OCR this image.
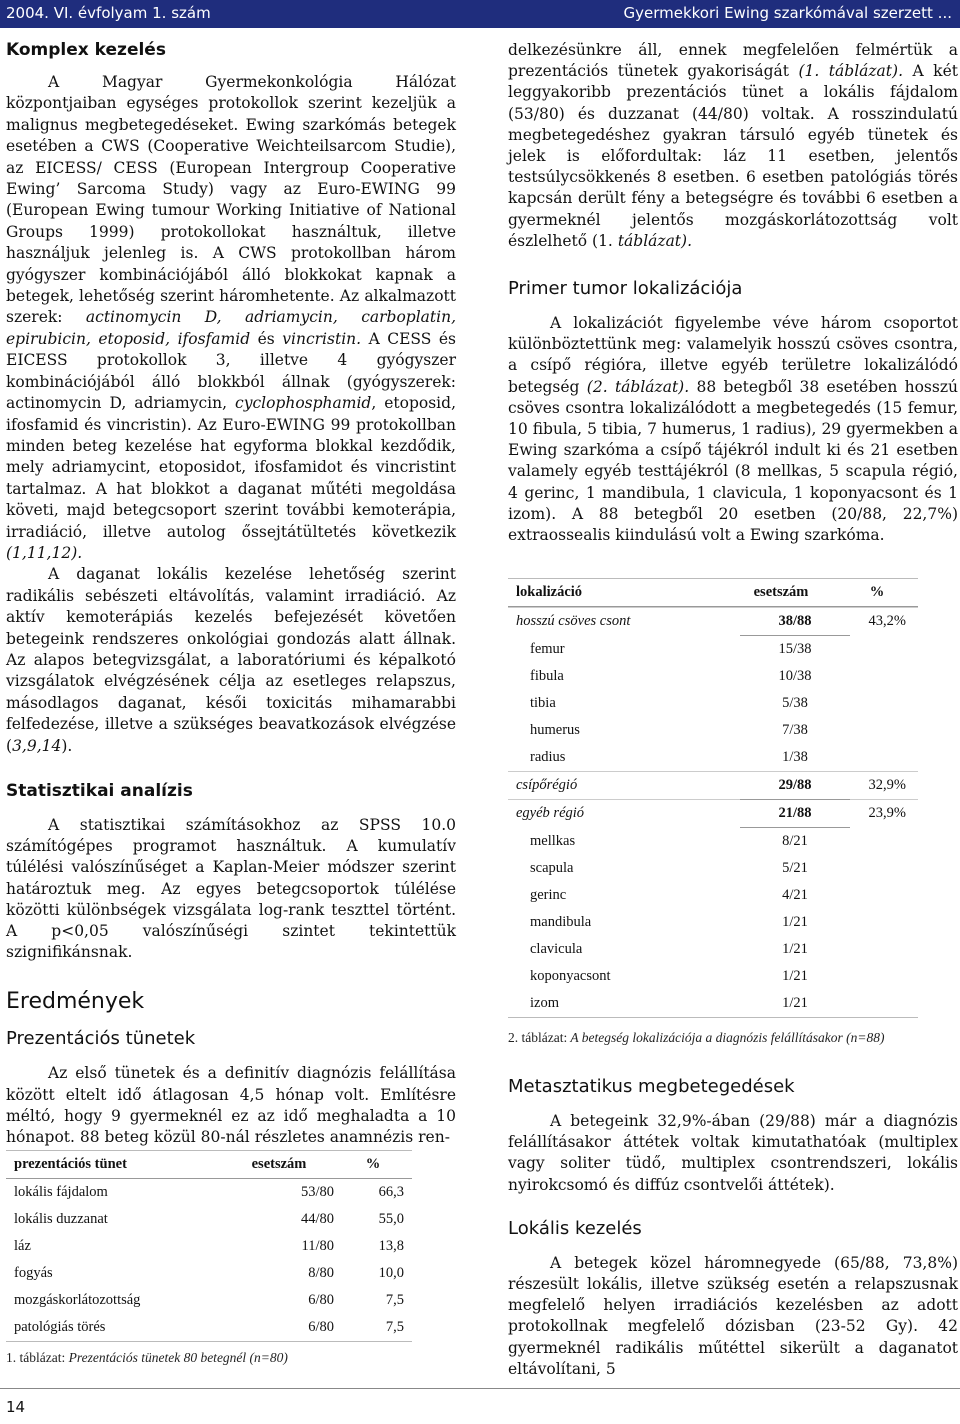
2004. VI. évfolyam 1. szám	Gyermekkori Ewing szarkómával szerzett ...
Komplex kezelés

A Magyar Gyermekonkológia Hálózat központjaiban egységes protokollok szerint kezeljük a malignus megbetegedéseket. Ewing szarkómás betegek esetében a CWS (Cooperative Weichteilsarcom Studie), az EICESS/ CESS (European Intergroup Cooperative Ewing’ Sarcoma Study) vagy az Euro-EWING 99 (European Ewing tumour Working Initiative of National Groups 1999) protokollokat használtuk, illetve használjuk jelenleg is. A CWS protokollban három gyógyszer kombinációjából álló blokkokat kapnak a betegek, lehetőség szerint háromhetente. Az alkalmazott szerek: actinomycin D, adriamycin, carboplatin, epirubicin, etoposid, ifosfamid és vincristin. A CESS és EICESS protokollok 3, illetve 4 gyógyszer kombinációjából álló blokkból állnak (gyógyszerek: actinomycin D, adriamycin, cyclophosphamid, etoposid, ifosfamid és vincristin). Az Euro-EWING 99 protokollban minden beteg kezelése hat egyforma blokkal kezdődik, mely adriamycint, etoposidot, ifosfamidot és vincristint tartalmaz. A hat blokkot a daganat műtéti megoldása követi, majd betegcsoport szerint további kemoterápia, irradiáció, illetve autolog őssejtátültetés következik (1,11,12).

A daganat lokális kezelése lehetőség szerint radikális sebészeti eltávolítás, valamint irradiáció. Az aktív kemoterápiás kezelés befejezését követően betegeink rendszeres onkológiai gondozás alatt állnak. Az alapos betegvizsgálat, a laboratóriumi és képalkotó vizsgálatok elvégzésének célja az esetleges relapszus, másodlagos daganat, késői toxicitás mihamarabbi felfedezése, illetve a szükséges beavatkozások elvégzése (3,9,14).

Statisztikai analízis

A statisztikai számításokhoz az SPSS 10.0 számítógépes programot használtuk. A kumulatív túlélési valószínűséget a Kaplan-Meier módszer szerint határoztuk meg. Az egyes betegcsoportok túlélése közötti különbségek vizsgálata log-rank teszttel történt. A p<0,05 valószínűségi szintet tekintettük szignifikánsnak.

Eredmények
Prezentációs tünetek

Az első tünetek és a definitív diagnózis felállítása között eltelt idő átlagosan 4,5 hónap volt. Említésre méltó, hogy 9 gyermeknél ez az idő meghaladta a 10 hónapot. 88 beteg közül 80-nál részletes anamnézis ren-

prezentációs tünet	esetszám	%
lokális fájdalom	53/80	66,3
lokális duzzanat	44/80	55,0
láz	11/80	13,8
fogyás	8/80	10,0
mozgáskorlátozottság	6/80	7,5
patológiás törés	6/80	7,5
1. táblázat: Prezentációs tünetek 80 betegnél (n=80)

delkezésünkre áll, ennek megfelelően felmértük a prezentációs tünetek gyakoriságát (1. táblázat). A két leggyakoribb prezentációs tünet a lokális fájdalom (53/80) és duzzanat (44/80) voltak. A rosszindulatú megbetegedéshez gyakran társuló egyéb tünetek és jelek is előfordultak: láz 11 esetben, jelentős testsúlycsökkenés 8 esetben. 6 esetben patológiás törés kapcsán derült fény a betegségre és további 6 esetben a gyermeknél jelentős mozgáskorlátozottság volt észlelhető (1. táblázat).

Primer tumor lokalizációja

A lokalizációt figyelembe véve három csoportot különböztettünk meg: valamelyik hosszú csöves csontra, a csípő régióra, illetve egyéb területre lokalizálódó betegség (2. táblázat). 88 betegből 38 esetében hosszú csöves csontra lokalizálódott a megbetegedés (15 femur, 10 fibula, 5 tibia, 7 humerus, 1 radius), 29 gyermekben a Ewing szarkóma a csípő tájékról indult ki és 21 esetben valamely egyéb testtájékról (8 mellkas, 5 scapula régió, 4 gerinc, 1 mandibula, 1 clavicula, 1 koponyacsont és 1 izom). A 88 betegből 20 esetben (20/88, 22,7%) extraossealis kiindulású volt a Ewing szarkóma.

lokalizáció	esetszám	%
hosszú csöves csont	38/88	43,2%
femur	15/38	
fibula	10/38	
tibia	5/38	
humerus	7/38	
radius	1/38	
csípőrégió	29/88	32,9%
egyéb régió	21/88	23,9%
mellkas	8/21	
scapula	5/21	
gerinc	4/21	
mandibula	1/21	
clavicula	1/21	
koponyacsont	1/21	
izom	1/21	
2. táblázat: A betegség lokalizációja a diagnózis felállításakor (n=88)
Metasztatikus megbetegedések

A betegeink 32,9%-ában (29/88) már a diagnózis felállításakor áttétek voltak kimutathatóak (multiplex vagy soliter tüdő, multiplex csontrendszeri, lokális nyirokcsomó és diffúz csontvelői áttétek).

Lokális kezelés

A betegek közel háromnegyede (65/88, 73,8%) részesült lokális, illetve szükség esetén a relapszusnak megfelelő helyen irradiációs kezelésben az adott protokollnak megfelelő dózisban (23-52 Gy). 42 gyermeknél radikális műtéttel sikerült a daganatot eltávolítani, 5

14
